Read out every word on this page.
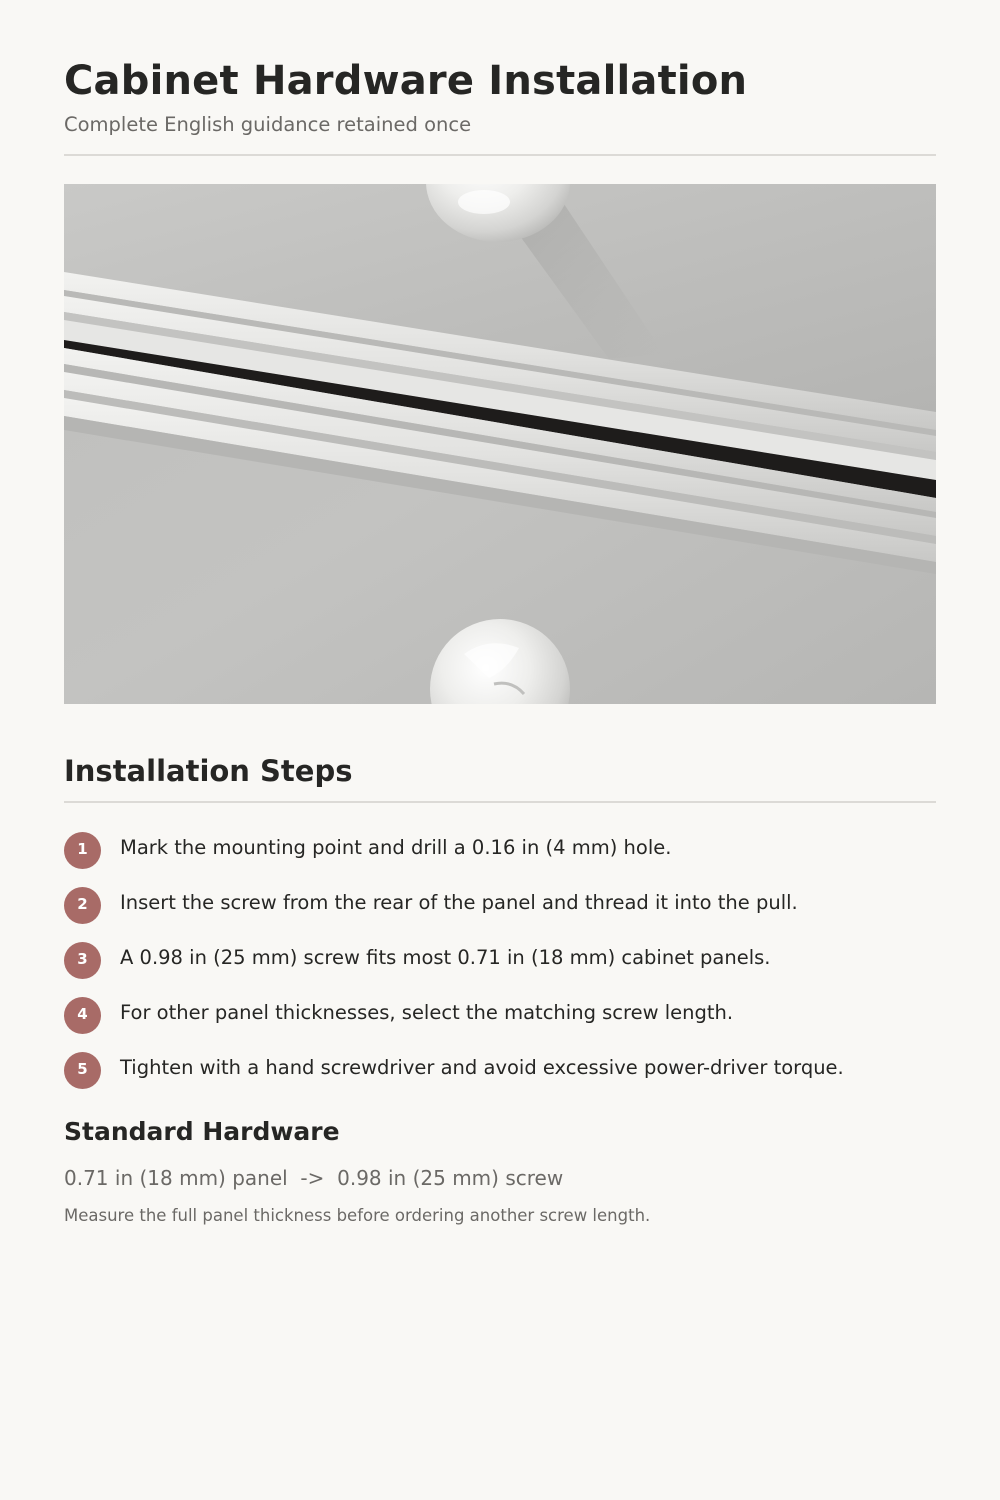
Cabinet Hardware Installation

Complete English guidance retained once

Installation Steps
1	Mark the mounting point and drill a 0.16 in (4 mm) hole.
2	Insert the screw from the rear of the panel and thread it into the pull.
3	A 0.98 in (25 mm) screw fits most 0.71 in (18 mm) cabinet panels.
4	For other panel thicknesses, select the matching screw length.
5	Tighten with a hand screwdriver and avoid excessive power-driver torque.
Standard Hardware

0.71 in (18 mm) panel  ->  0.98 in (25 mm) screw

Measure the full panel thickness before ordering another screw length.
